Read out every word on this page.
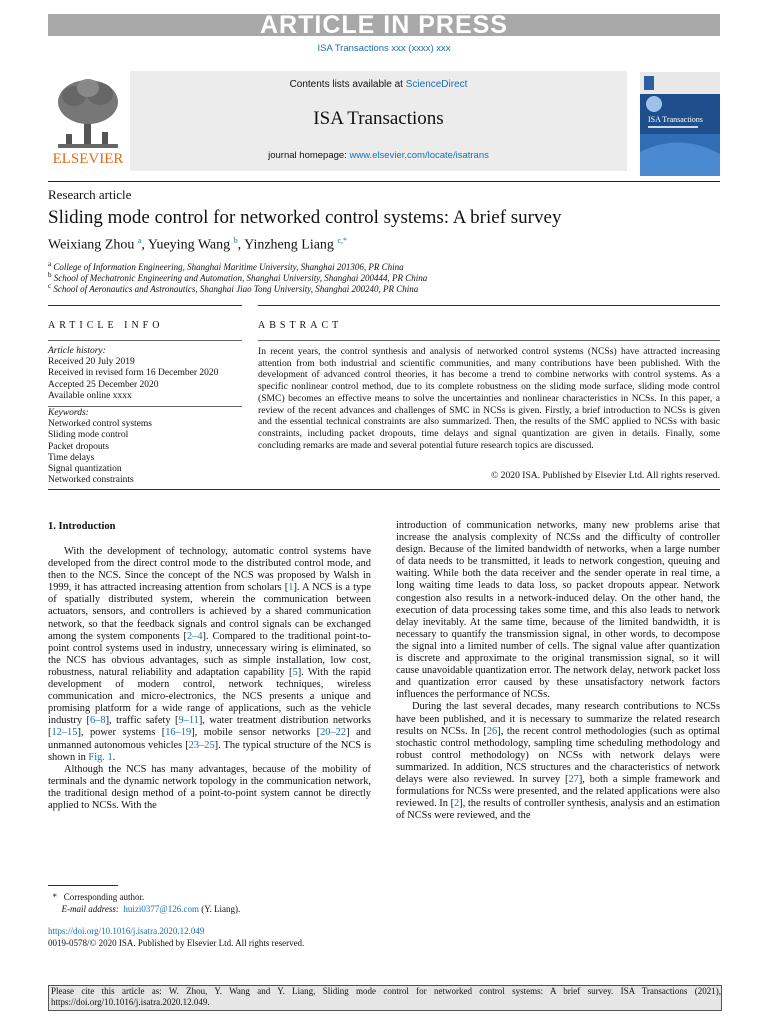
ARTICLE IN PRESS
ISA Transactions xxx (xxxx) xxx
ELSEVIER
Contents lists available at ScienceDirect
ISA Transactions
journal homepage: www.elsevier.com/locate/isatrans
ISA Transactions
Research article
Sliding mode control for networked control systems: A brief survey
Weixiang Zhou $^a$, Yueying Wang $^b$, Yinzheng Liang $^{c,*}$
$^a$ College of Information Engineering, Shanghai Maritime University, Shanghai 201306, PR China
$^b$ School of Mechatronic Engineering and Automation, Shanghai University, Shanghai 200444, PR China
$^c$ School of Aeronautics and Astronautics, Shanghai Jiao Tong University, Shanghai 200240, PR China
ARTICLE INFO	ABSTRACT
Article history:
Received 20 July 2019
Received in revised form 16 December 2020
Accepted 25 December 2020
Available online xxxx
Keywords:
Networked control systems
Sliding mode control
Packet dropouts
Time delays
Signal quantization
Networked constraints
In recent years, the control synthesis and analysis of networked control systems (NCSs) have attracted increasing attention from both industrial and scientific communities, and many contributions have been published. With the development of advanced control theories, it has become a trend to combine networks with control systems. As a specific nonlinear control method, due to its complete robustness on the sliding mode surface, sliding mode control (SMC) becomes an effective means to solve the uncertainties and nonlinear characteristics in NCSs. In this paper, a review of the recent advances and challenges of SMC in NCSs is given. Firstly, a brief introduction to NCSs is given and the essential technical constraints are also summarized. Then, the results of the SMC applied to NCSs with basic constraints, including packet dropouts, time delays and signal quantization are given in details. Finally, some concluding remarks are made and several potential future research topics are discussed.
© 2020 ISA. Published by Elsevier Ltd. All rights reserved.
1. Introduction

With the development of technology, automatic control systems have developed from the direct control mode to the distributed control mode, and then to the NCS. Since the concept of the NCS was proposed by Walsh in 1999, it has attracted increasing attention from scholars [1]. A NCS is a type of spatially distributed system, wherein the communication between actuators, sensors, and controllers is achieved by a shared communication network, so that the feedback signals and control signals can be exchanged among the system components [2–4]. Compared to the traditional point-to-point control systems used in industry, unnecessary wiring is eliminated, so the NCS has obvious advantages, such as simple installation, low cost, robustness, natural reliability and adaptation capability [5]. With the rapid development of modern control, network techniques, wireless communication and micro-electronics, the NCS presents a unique and promising platform for a wide range of applications, such as the vehicle industry [6–8], traffic safety [9–11], water treatment distribution networks [12–15], power systems [16–19], mobile sensor networks [20–22] and unmanned autonomous vehicles [23–25]. The typical structure of the NCS is shown in Fig. 1.

Although the NCS has many advantages, because of the mobility of terminals and the dynamic network topology in the communication network, the traditional design method of a point-to-point system cannot be directly applied to NCSs. With the

introduction of communication networks, many new problems arise that increase the analysis complexity of NCSs and the difficulty of controller design. Because of the limited bandwidth of networks, when a large number of data needs to be transmitted, it leads to network congestion, queuing and waiting. While both the data receiver and the sender operate in real time, a long waiting time leads to data loss, so packet dropouts appear. Network congestion also results in a network-induced delay. On the other hand, the execution of data processing takes some time, and this also leads to network delay inevitably. At the same time, because of the limited bandwidth, it is necessary to quantify the transmission signal, in other words, to decompose the signal into a limited number of cells. The signal value after quantization is discrete and approximate to the original transmission signal, so it will cause unavoidable quantization error. The network delay, network packet loss and quantization error caused by these unsatisfactory network factors influences the performance of NCSs.

During the last several decades, many research contributions to NCSs have been published, and it is necessary to summarize the related research results on NCSs. In [26], the recent control methodologies (such as optimal stochastic control methodology, sampling time scheduling methodology and robust control methodology) on NCSs with network delays were summarized. In addition, NCS structures and the characteristics of network delays were also reviewed. In survey [27], both a simple framework and formulations for NCSs were presented, and the related applications were also reviewed. In [2], the results of controller synthesis, analysis and an estimation of NCSs were reviewed, and the

*   Corresponding author.
E-mail address: huizi0377@126.com (Y. Liang).
https://doi.org/10.1016/j.isatra.2020.12.049
0019-0578/© 2020 ISA. Published by Elsevier Ltd. All rights reserved.
Please cite this article as: W. Zhou, Y. Wang and Y. Liang, Sliding mode control for networked control systems: A brief survey. ISA Transactions (2021), https://doi.org/10.1016/j.isatra.2020.12.049.
